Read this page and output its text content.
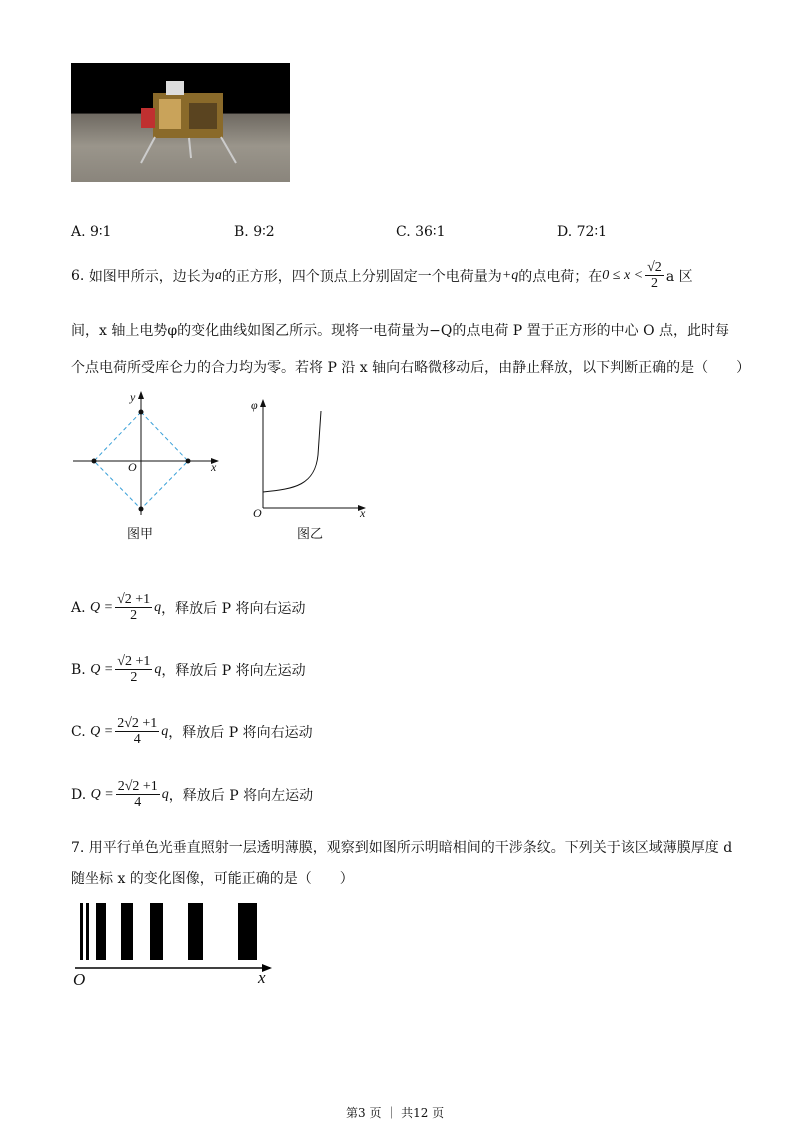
A. 9∶1	B. 9∶2	C. 36∶1	D. 72∶1
6.
如图甲所示，边长为 a 的正方形，四个顶点上分别固定一个电荷量为 +q 的点电荷；在 $0 \le x < \frac{√2}{2}$ a 区
间，x 轴上电势φ的变化曲线如图乙所示。现将一电荷量为−Q的点电荷 P 置于正方形的中心 O 点，此时每
个点电荷所受库仑力的合力均为零。若将 P 沿 x 轴向右略微移动后，由静止释放，以下判断正确的是（　　）
y
x
O
图甲
φ
x
O
图乙
A.
$Q = \frac{√2 +1}{2}$ q ，释放后 P 将向右运动
B.
$Q = \frac{√2 +1}{2}$ q ，释放后 P 将向左运动
C.
$Q = \frac{2√2 +1}{4}$ q ，释放后 P 将向右运动
D.
$Q = \frac{2√2 +1}{4}$ q ，释放后 P 将向左运动
7. 用平行单色光垂直照射一层透明薄膜，观察到如图所示明暗相间的干涉条纹。下列关于该区域薄膜厚度 d
随坐标 x 的变化图像，可能正确的是（　　）
O	x
第3 页 ｜ 共12 页
